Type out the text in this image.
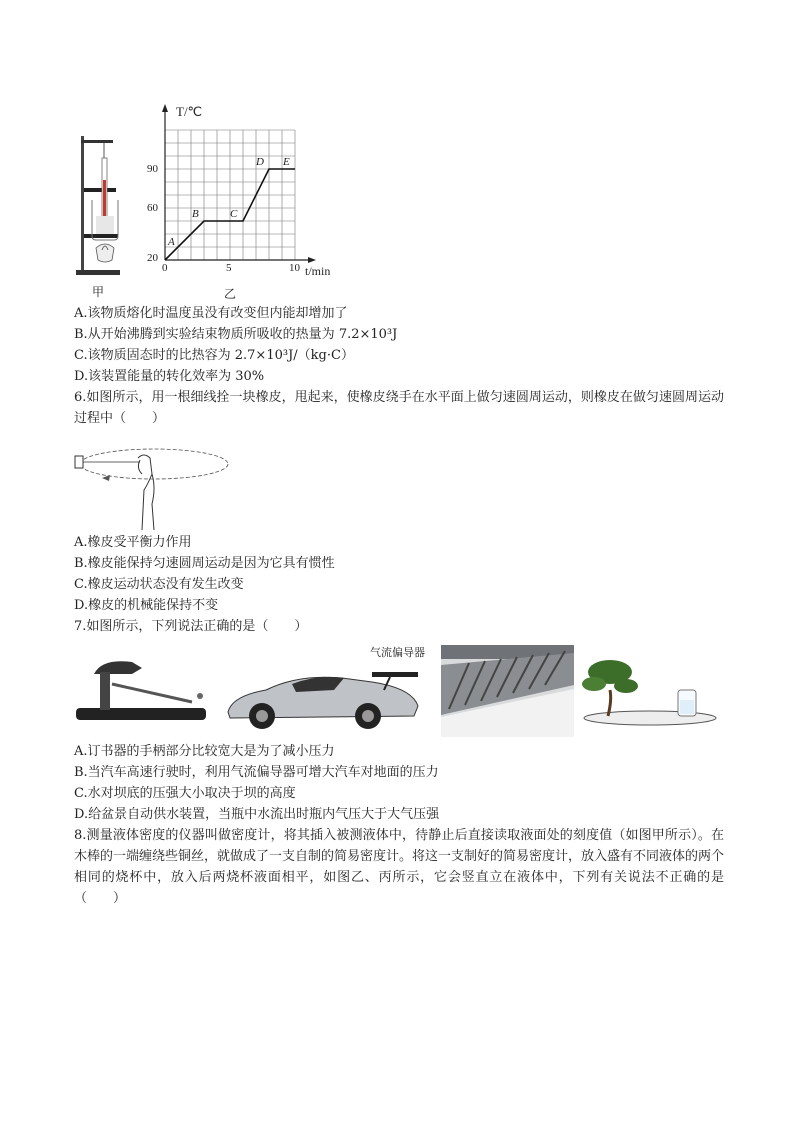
甲
T/℃
t/min
20
60
90
0	5	10
A
B	C
D E
乙
A.该物质熔化时温度虽没有改变但内能却增加了
B.从开始沸腾到实验结束物质所吸收的热量为 7.2×10³J
C.该物质固态时的比热容为 2.7×10³J/（kg·C）
D.该装置能量的转化效率为 30%
6.如图所示，用一根细线拴一块橡皮，甩起来，使橡皮绕手在水平面上做匀速圆周运动，则橡皮在做匀速圆周运动过程中（　　）
A.橡皮受平衡力作用
B.橡皮能保持匀速圆周运动是因为它具有惯性
C.橡皮运动状态没有发生改变
D.橡皮的机械能保持不变
7.如图所示，下列说法正确的是（　　）
气流偏导器
A.订书器的手柄部分比较宽大是为了减小压力
B.当汽车高速行驶时，利用气流偏导器可增大汽车对地面的压力
C.水对坝底的压强大小取决于坝的高度
D.给盆景自动供水装置，当瓶中水流出时瓶内气压大于大气压强
8.测量液体密度的仪器叫做密度计，将其插入被测液体中，待静止后直接读取液面处的刻度值（如图甲所示）。在木棒的一端缠绕些铜丝，就做成了一支自制的简易密度计。将这一支制好的简易密度计，放入盛有不同液体的两个相同的烧杯中，放入后两烧杯液面相平，如图乙、丙所示，它会竖直立在液体中，下列有关说法不正确的是（　　）
